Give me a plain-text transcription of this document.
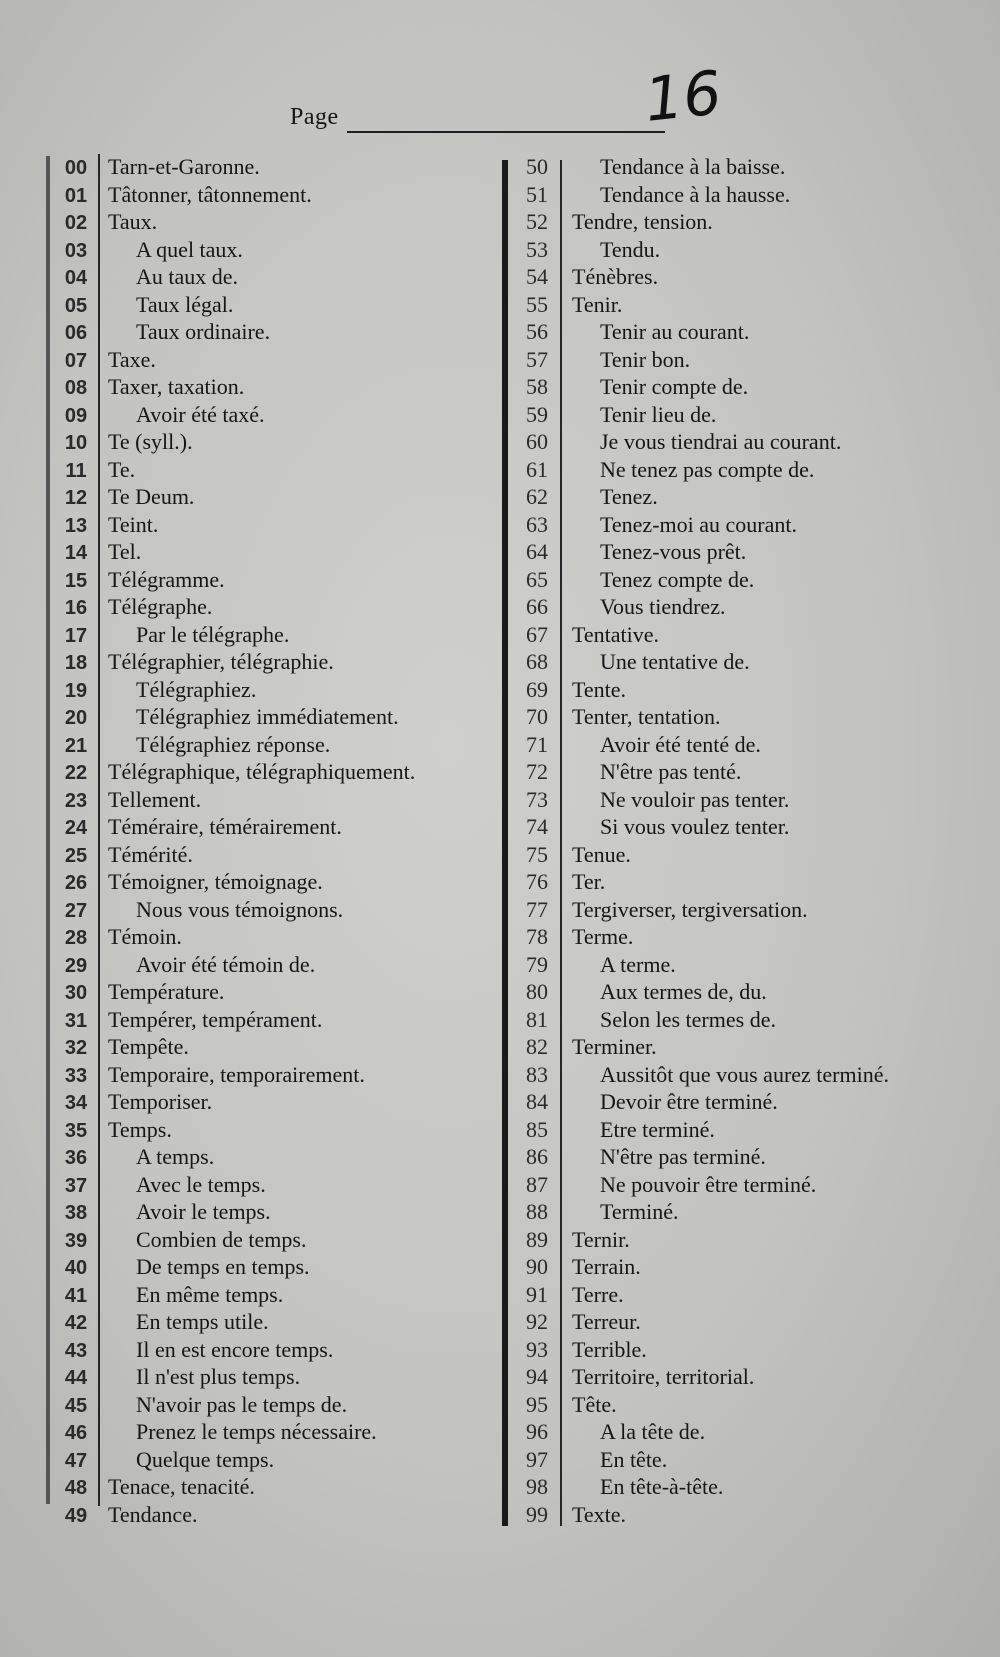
Page	16
00 Tarn-et-Garonne.
01 Tâtonner, tâtonnement.
02 Taux.
03	A quel taux.
04	Au taux de.
05	Taux légal.
06	Taux ordinaire.
07 Taxe.
08 Taxer, taxation.
09	Avoir été taxé.
10 Te (syll.).
11 Te.
12 Te Deum.
13 Teint.
14 Tel.
15 Télégramme.
16 Télégraphe.
17	Par le télégraphe.
18 Télégraphier, télégraphie.
19	Télégraphiez.
20	Télégraphiez immédiatement.
21	Télégraphiez réponse.
22 Télégraphique, télégraphiquement.
23 Tellement.
24 Téméraire, témérairement.
25 Témérité.
26 Témoigner, témoignage.
27	Nous vous témoignons.
28 Témoin.
29	Avoir été témoin de.
30 Température.
31 Tempérer, tempérament.
32 Tempête.
33 Temporaire, temporairement.
34 Temporiser.
35 Temps.
36	A temps.
37	Avec le temps.
38	Avoir le temps.
39	Combien de temps.
40	De temps en temps.
41	En même temps.
42	En temps utile.
43	Il en est encore temps.
44	Il n'est plus temps.
45	N'avoir pas le temps de.
46	Prenez le temps nécessaire.
47	Quelque temps.
48 Tenace, tenacité.
49 Tendance.
50	Tendance à la baisse.
51	Tendance à la hausse.
52	Tendre, tension.
53	Tendu.
54	Ténèbres.
55	Tenir.
56	Tenir au courant.
57	Tenir bon.
58	Tenir compte de.
59	Tenir lieu de.
60	Je vous tiendrai au courant.
61	Ne tenez pas compte de.
62	Tenez.
63	Tenez-moi au courant.
64	Tenez-vous prêt.
65	Tenez compte de.
66	Vous tiendrez.
67	Tentative.
68	Une tentative de.
69	Tente.
70	Tenter, tentation.
71	Avoir été tenté de.
72	N'être pas tenté.
73	Ne vouloir pas tenter.
74	Si vous voulez tenter.
75	Tenue.
76	Ter.
77	Tergiverser, tergiversation.
78	Terme.
79	A terme.
80	Aux termes de, du.
81	Selon les termes de.
82	Terminer.
83	Aussitôt que vous aurez terminé.
84	Devoir être terminé.
85	Etre terminé.
86	N'être pas terminé.
87	Ne pouvoir être terminé.
88	Terminé.
89	Ternir.
90	Terrain.
91	Terre.
92	Terreur.
93	Terrible.
94	Territoire, territorial.
95	Tête.
96	A la tête de.
97	En tête.
98	En tête-à-tête.
99	Texte.
